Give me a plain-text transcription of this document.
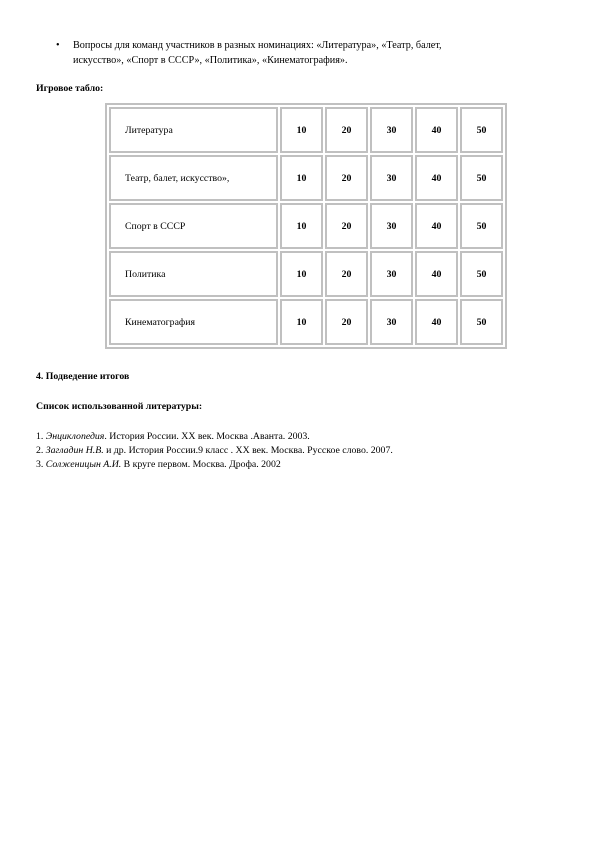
•	Вопросы для команд участников в разных номинациях: «Литература», «Театр, балет,
искусство», «Спорт в СССР», «Политика», «Кинематография».
Игровое табло:
Литература	10	20	30	40	50
Театр, балет, искусство»,	10	20	30	40	50
Спорт в СССР	10	20	30	40	50
Политика	10	20	30	40	50
Кинематография	10	20	30	40	50
4. Подведение итогов
Список использованной литературы:
1. Энциклопедия. История России. XX век. Москва .Аванта. 2003.
2. Загладин Н.В. и др. История России.9 класс . XX век. Москва. Русское слово. 2007.
3. Солженицын А.И. В круге первом. Москва. Дрофа. 2002
